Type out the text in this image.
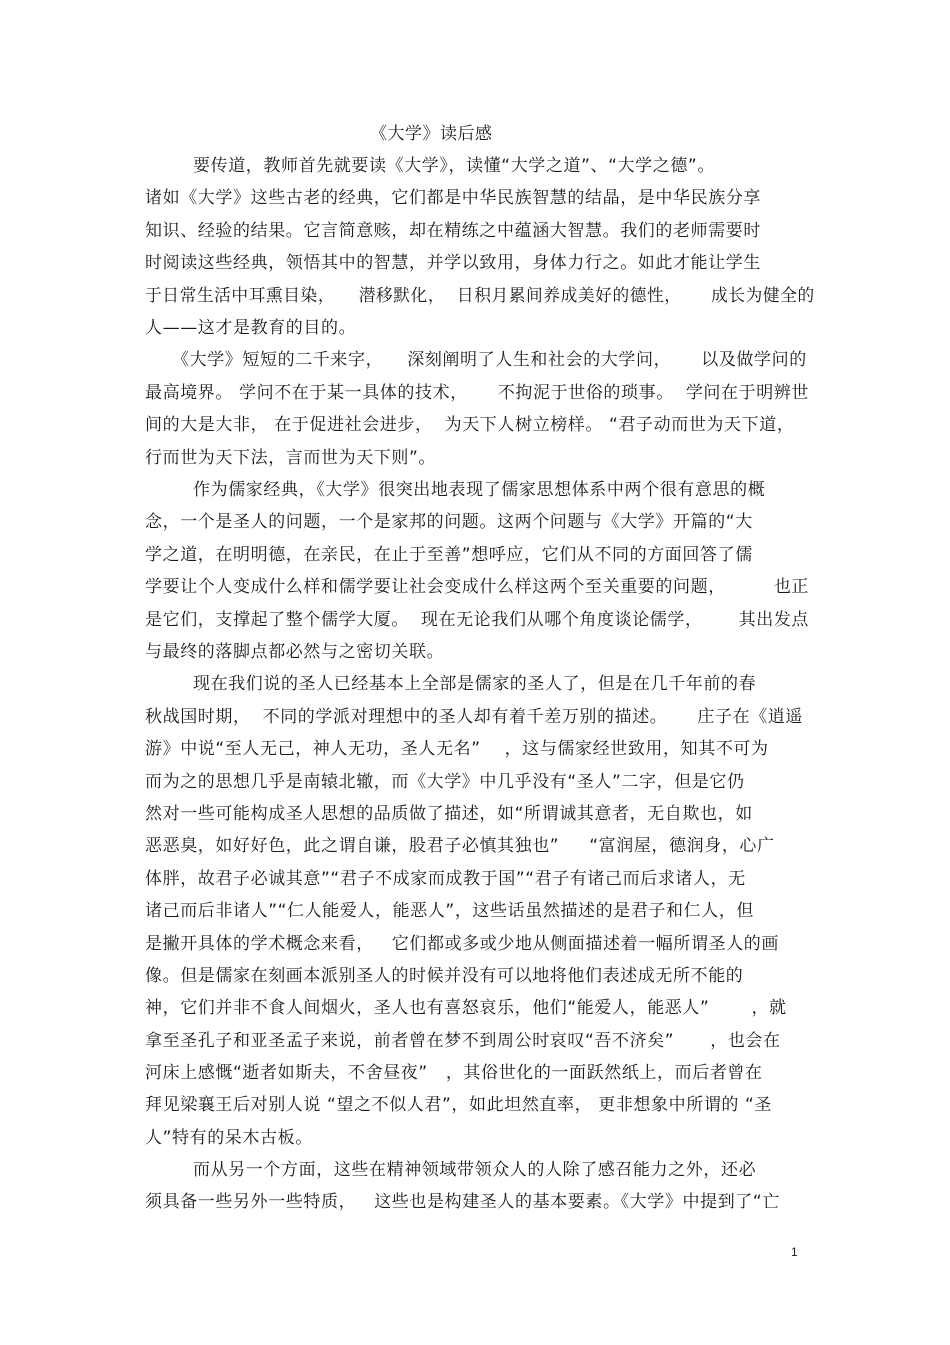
《大学》读后感
要传道，教师首先就要读《大学》，读懂“大学之道”、“大学之德”。
诸如《大学》这些古老的经典，它们都是中华民族智慧的结晶，是中华民族分享
知识、经验的结果。它言简意赅，却在精练之中蕴涵大智慧。我们的老师需要时
时阅读这些经典，领悟其中的智慧，并学以致用，身体力行之。如此才能让学生
于日常生活中耳熏目染，    潜移默化，  日积月累间养成美好的德性，     成长为健全的
人——这才是教育的目的。
《大学》短短的二千来字，    深刻阐明了人生和社会的大学问，     以及做学问的
最高境界。 学问不在于某一具体的技术，     不拘泥于世俗的琐事。  学问在于明辨世
间的大是大非， 在于促进社会进步，  为天下人树立榜样。 “君子动而世为天下道，
行而世为天下法，言而世为天下则”。
作为儒家经典，《大学》很突出地表现了儒家思想体系中两个很有意思的概
念，一个是圣人的问题，一个是家邦的问题。这两个问题与《大学》开篇的“大
学之道，在明明德，在亲民，在止于至善”想呼应，它们从不同的方面回答了儒
学要让个人变成什么样和儒学要让社会变成什么样这两个至关重要的问题，        也正
是它们，支撑起了整个儒学大厦。  现在无论我们从哪个角度谈论儒学，      其出发点
与最终的落脚点都必然与之密切关联。
现在我们说的圣人已经基本上全部是儒家的圣人了，但是在几千年前的春
秋战国时期，  不同的学派对理想中的圣人却有着千差万别的描述。     庄子在《逍遥
游》中说“至人无己，神人无功，圣人无名”    ，这与儒家经世致用，知其不可为
而为之的思想几乎是南辕北辙，而《大学》中几乎没有“圣人”二字，但是它仍
然对一些可能构成圣人思想的品质做了描述，如“所谓诚其意者，无自欺也，如
恶恶臭，如好好色，此之谓自谦，股君子必慎其独也”     “富润屋，德润身，心广
体胖，故君子必诚其意”“君子不成家而成教于国”“君子有诸己而后求诸人，无
诸己而后非诸人”“仁人能爱人，能恶人”，这些话虽然描述的是君子和仁人，但
是撇开具体的学术概念来看，   它们都或多或少地从侧面描述着一幅所谓圣人的画
像。但是儒家在刻画本派别圣人的时候并没有可以地将他们表述成无所不能的
神，它们并非不食人间烟火，圣人也有喜怒哀乐，他们“能爱人，能恶人”       ，就
拿至圣孔子和亚圣孟子来说，前者曾在梦不到周公时哀叹“吾不济矣”      ，也会在
河床上感慨“逝者如斯夫，不舍昼夜”   ，其俗世化的一面跃然纸上，而后者曾在
拜见梁襄王后对别人说 “望之不似人君”，如此坦然直率， 更非想象中所谓的 “圣
人”特有的呆木古板。
而从另一个方面，这些在精神领域带领众人的人除了感召能力之外，还必
须具备一些另外一些特质，   这些也是构建圣人的基本要素。《大学》中提到了“亡
1
